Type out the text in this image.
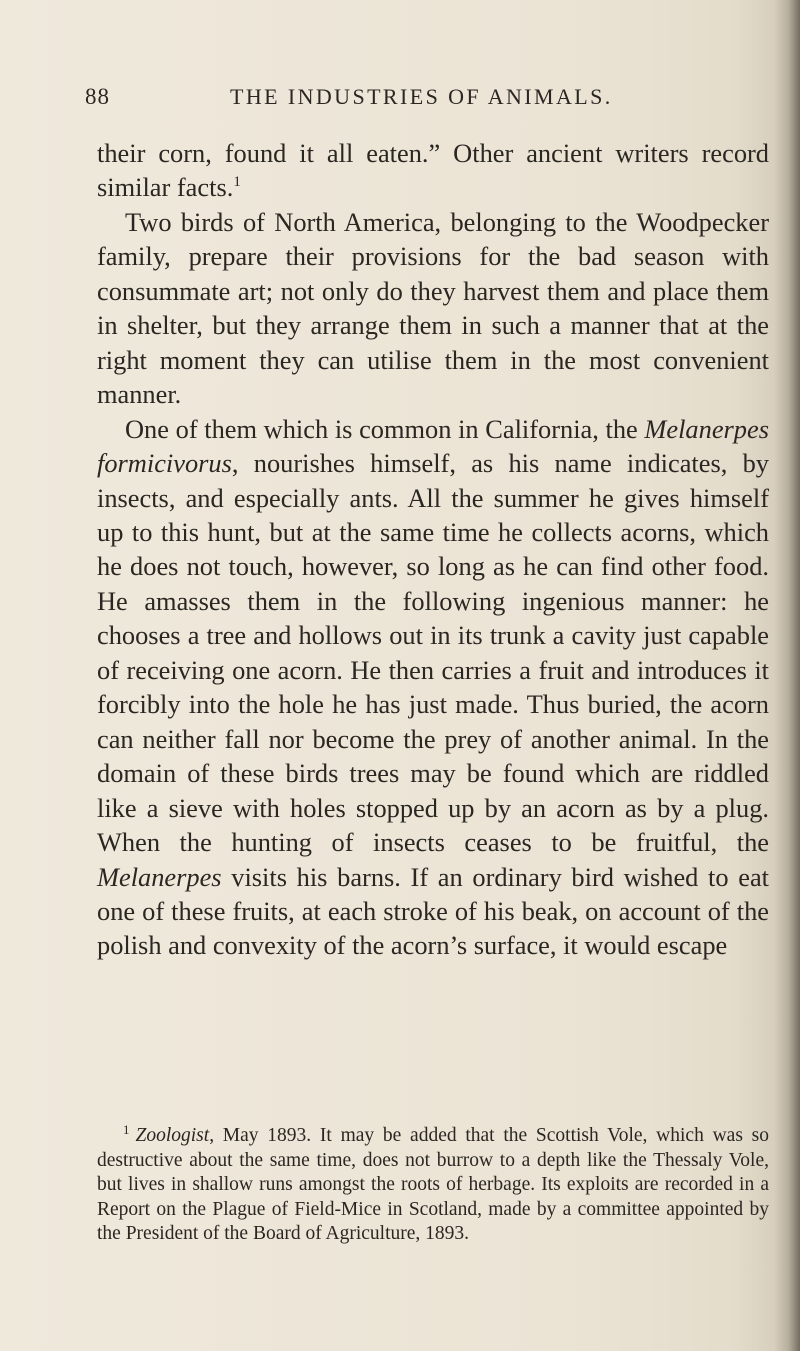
88	THE INDUSTRIES OF ANIMALS.

their corn, found it all eaten.” Other ancient writers record similar facts.$^1$

Two birds of North America, belonging to the Woodpecker family, prepare their provisions for the bad season with consummate art; not only do they harvest them and place them in shelter, but they arrange them in such a manner that at the right moment they can utilise them in the most convenient manner.

One of them which is common in California, the Melanerpes formicivorus, nourishes himself, as his name indicates, by insects, and especially ants. All the summer he gives himself up to this hunt, but at the same time he collects acorns, which he does not touch, however, so long as he can find other food. He amasses them in the following ingenious manner: he chooses a tree and hollows out in its trunk a cavity just capable of receiving one acorn. He then carries a fruit and introduces it forcibly into the hole he has just made. Thus buried, the acorn can neither fall nor become the prey of another animal. In the domain of these birds trees may be found which are riddled like a sieve with holes stopped up by an acorn as by a plug. When the hunting of insects ceases to be fruitful, the Melanerpes visits his barns. If an ordinary bird wished to eat one of these fruits, at each stroke of his beak, on account of the polish and convexity of the acorn’s surface, it would escape

$^1$ Zoologist, May 1893. It may be added that the Scottish Vole, which was so destructive about the same time, does not burrow to a depth like the Thessaly Vole, but lives in shallow runs amongst the roots of herbage. Its exploits are recorded in a Report on the Plague of Field-Mice in Scotland, made by a committee appointed by the President of the Board of Agriculture, 1893.
